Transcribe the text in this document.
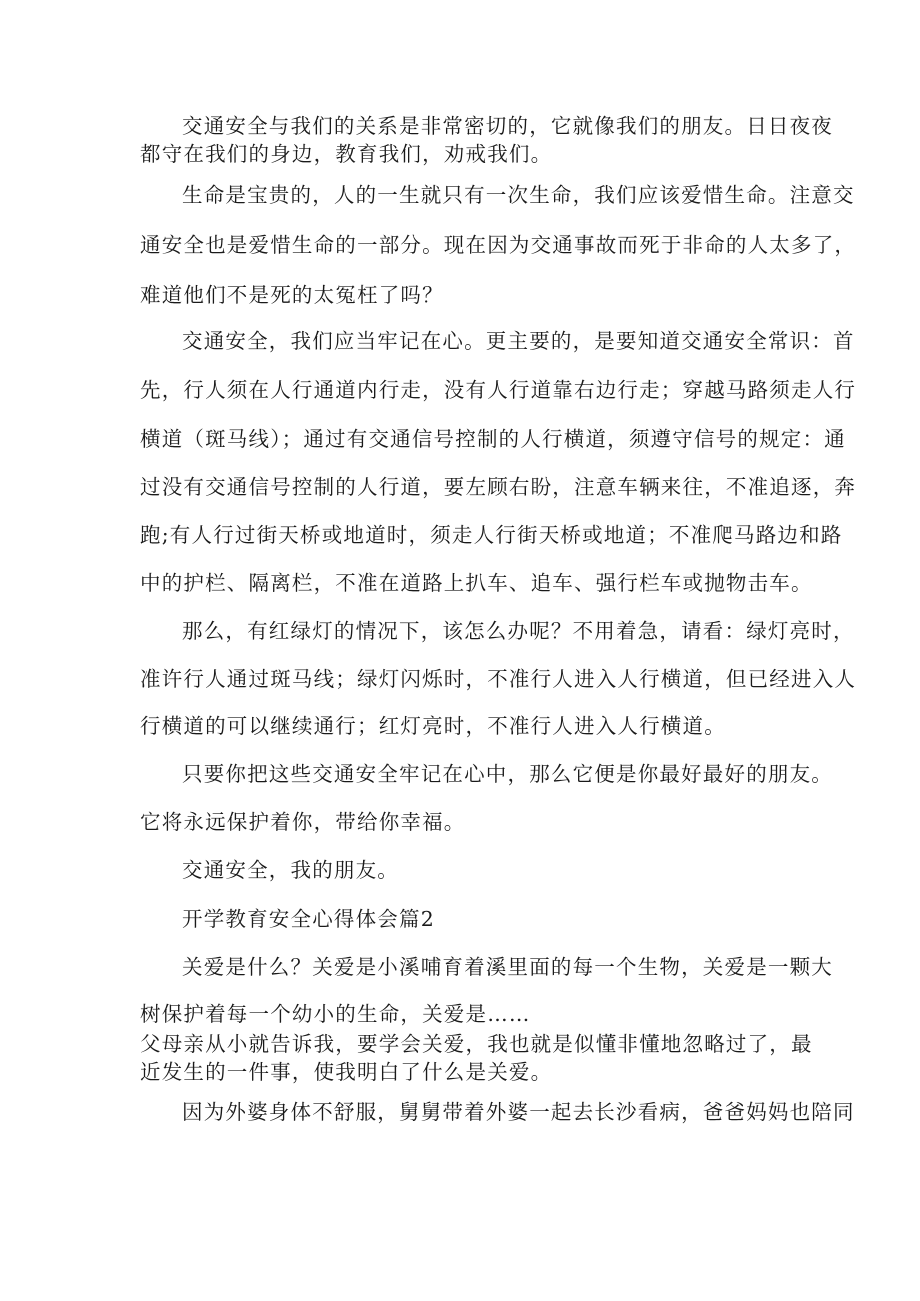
交通安全与我们的关系是非常密切的，它就像我们的朋友。日日夜夜
都守在我们的身边，教育我们，劝戒我们。
生命是宝贵的，人的一生就只有一次生命，我们应该爱惜生命。注意交
通安全也是爱惜生命的一部分。现在因为交通事故而死于非命的人太多了，
难道他们不是死的太冤枉了吗？
交通安全，我们应当牢记在心。更主要的，是要知道交通安全常识：首
先，行人须在人行通道内行走，没有人行道靠右边行走；穿越马路须走人行
横道（斑马线）；通过有交通信号控制的人行横道，须遵守信号的规定：通
过没有交通信号控制的人行道，要左顾右盼，注意车辆来往，不准追逐，奔
跑;有人行过街天桥或地道时，须走人行街天桥或地道；不准爬马路边和路
中的护栏、隔离栏，不准在道路上扒车、追车、强行栏车或抛物击车。
那么，有红绿灯的情况下，该怎么办呢？不用着急，请看：绿灯亮时，
准许行人通过斑马线；绿灯闪烁时，不准行人进入人行横道，但已经进入人
行横道的可以继续通行；红灯亮时，不准行人进入人行横道。
只要你把这些交通安全牢记在心中，那么它便是你最好最好的朋友。
它将永远保护着你，带给你幸福。
交通安全，我的朋友。
开学教育安全心得体会篇2
关爱是什么？关爱是小溪哺育着溪里面的每一个生物，关爱是一颗大
树保护着每一个幼小的生命，关爱是……
父母亲从小就告诉我，要学会关爱，我也就是似懂非懂地忽略过了，最
近发生的一件事，使我明白了什么是关爱。
因为外婆身体不舒服，舅舅带着外婆一起去长沙看病，爸爸妈妈也陪同
